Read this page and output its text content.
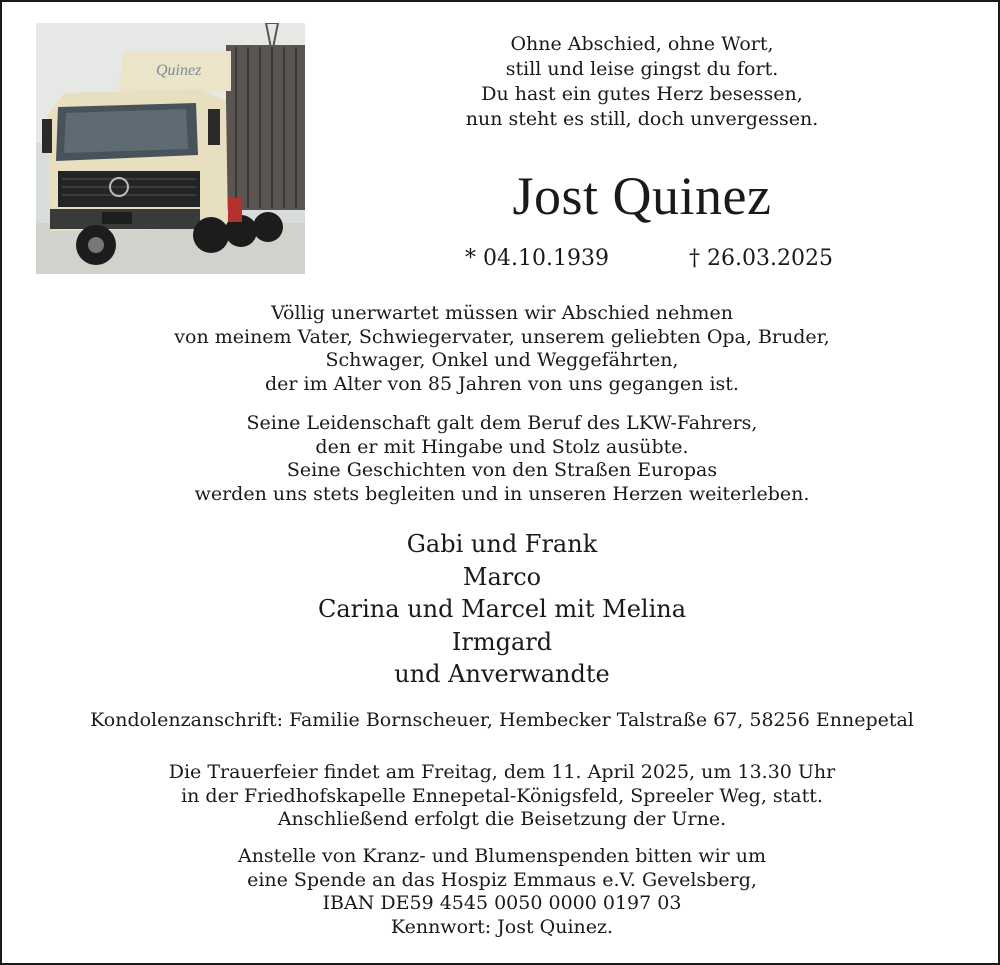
Quinez
Ohne Abschied, ohne Wort,
still und leise gingst du fort.
Du hast ein gutes Herz besessen,
nun steht es still, doch unvergessen.
Jost Quinez
* 04.10.1939	† 26.03.2025
Völlig unerwartet müssen wir Abschied nehmen
von meinem Vater, Schwiegervater, unserem geliebten Opa, Bruder,
Schwager, Onkel und Weggefährten,
der im Alter von 85 Jahren von uns gegangen ist.
Seine Leidenschaft galt dem Beruf des LKW-Fahrers,
den er mit Hingabe und Stolz ausübte.
Seine Geschichten von den Straßen Europas
werden uns stets begleiten und in unseren Herzen weiterleben.
Gabi und Frank
Marco
Carina und Marcel mit Melina
Irmgard
und Anverwandte
Kondolenzanschrift: Familie Bornscheuer, Hembecker Talstraße 67, 58256 Ennepetal
Die Trauerfeier findet am Freitag, dem 11. April 2025, um 13.30 Uhr
in der Friedhofskapelle Ennepetal-Königsfeld, Spreeler Weg, statt.
Anschließend erfolgt die Beisetzung der Urne.
Anstelle von Kranz- und Blumenspenden bitten wir um
eine Spende an das Hospiz Emmaus e.V. Gevelsberg,
IBAN DE59 4545 0050 0000 0197 03
Kennwort: Jost Quinez.
